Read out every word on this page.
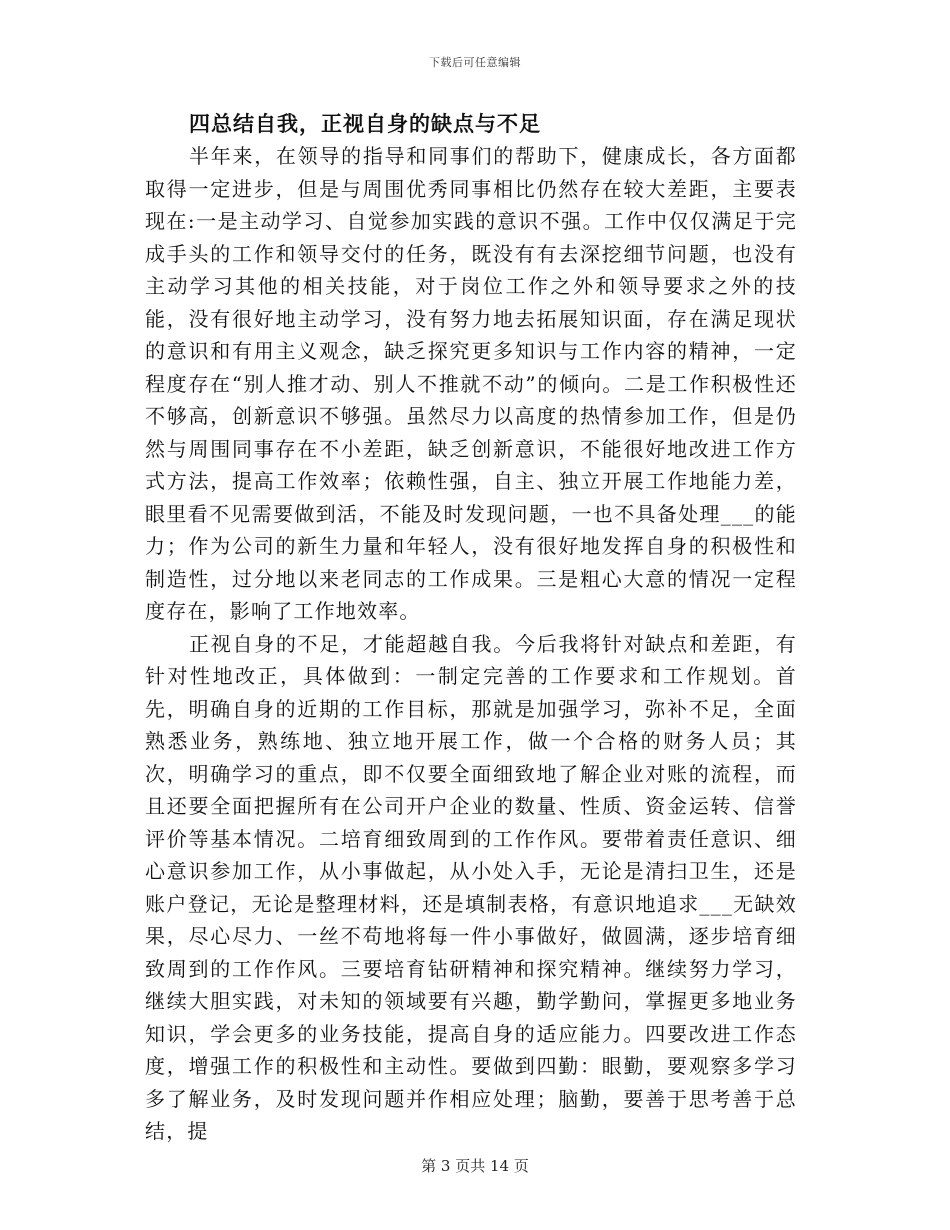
下载后可任意编辑
四总结自我，正视自身的缺点与不足

半年来，在领导的指导和同事们的帮助下，健康成长，各方面都取得一定进步，但是与周围优秀同事相比仍然存在较大差距，主要表现在:一是主动学习、自觉参加实践的意识不强。工作中仅仅满足于完成手头的工作和领导交付的任务，既没有有去深挖细节问题，也没有主动学习其他的相关技能，对于岗位工作之外和领导要求之外的技能，没有很好地主动学习，没有努力地去拓展知识面，存在满足现状的意识和有用主义观念，缺乏探究更多知识与工作内容的精神，一定程度存在“别人推才动、别人不推就不动”的倾向。二是工作积极性还不够高，创新意识不够强。虽然尽力以高度的热情参加工作，但是仍然与周围同事存在不小差距，缺乏创新意识，不能很好地改进工作方式方法，提高工作效率；依赖性强，自主、独立开展工作地能力差，眼里看不见需要做到活，不能及时发现问题，一也不具备处理___的能力；作为公司的新生力量和年轻人，没有很好地发挥自身的积极性和制造性，过分地以来老同志的工作成果。三是粗心大意的情况一定程度存在，影响了工作地效率。

正视自身的不足，才能超越自我。今后我将针对缺点和差距，有针对性地改正，具体做到：一制定完善的工作要求和工作规划。首先，明确自身的近期的工作目标，那就是加强学习，弥补不足，全面熟悉业务，熟练地、独立地开展工作，做一个合格的财务人员；其次，明确学习的重点，即不仅要全面细致地了解企业对账的流程，而且还要全面把握所有在公司开户企业的数量、性质、资金运转、信誉评价等基本情况。二培育细致周到的工作作风。要带着责任意识、细心意识参加工作，从小事做起，从小处入手，无论是清扫卫生，还是账户登记，无论是整理材料，还是填制表格，有意识地追求___无缺效果，尽心尽力、一丝不苟地将每一件小事做好，做圆满，逐步培育细致周到的工作作风。三要培育钻研精神和探究精神。继续努力学习，继续大胆实践，对未知的领域要有兴趣，勤学勤问，掌握更多地业务知识，学会更多的业务技能，提高自身的适应能力。四要改进工作态度，增强工作的积极性和主动性。要做到四勤：眼勤，要观察多学习多了解业务，及时发现问题并作相应处理；脑勤，要善于思考善于总结，提

第 3 页共 14 页
